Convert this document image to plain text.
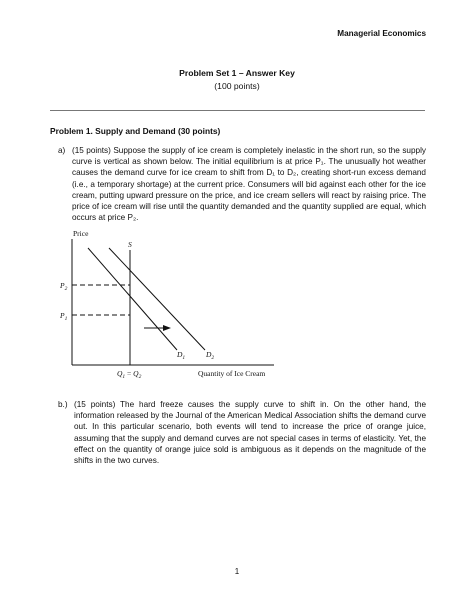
Managerial Economics
Problem Set 1 – Answer Key
(100 points)
Problem 1. Supply and Demand (30 points)
a) (15 points) Suppose the supply of ice cream is completely inelastic in the short run, so the supply curve is vertical as shown below. The initial equilibrium is at price P₁. The unusually hot weather causes the demand curve for ice cream to shift from D₁ to D₂, creating short-run excess demand (i.e., a temporary shortage) at the current price. Consumers will bid against each other for the ice cream, putting upward pressure on the price, and ice cream sellers will react by raising price. The price of ice cream will rise until the quantity demanded and the quantity supplied are equal, which occurs at price P₂.
Price
S
$P_2$
$P_1$
$D_1$	$D_2$
$Q_1 = Q_2$	Quantity of Ice Cream
b.) (15 points) The hard freeze causes the supply curve to shift in. On the other hand, the information released by the Journal of the American Medical Association shifts the demand curve out. In this particular scenario, both events will tend to increase the price of orange juice, assuming that the supply and demand curves are not special cases in terms of elasticity. Yet, the effect on the quantity of orange juice sold is ambiguous as it depends on the magnitude of the shifts in the two curves.
1
